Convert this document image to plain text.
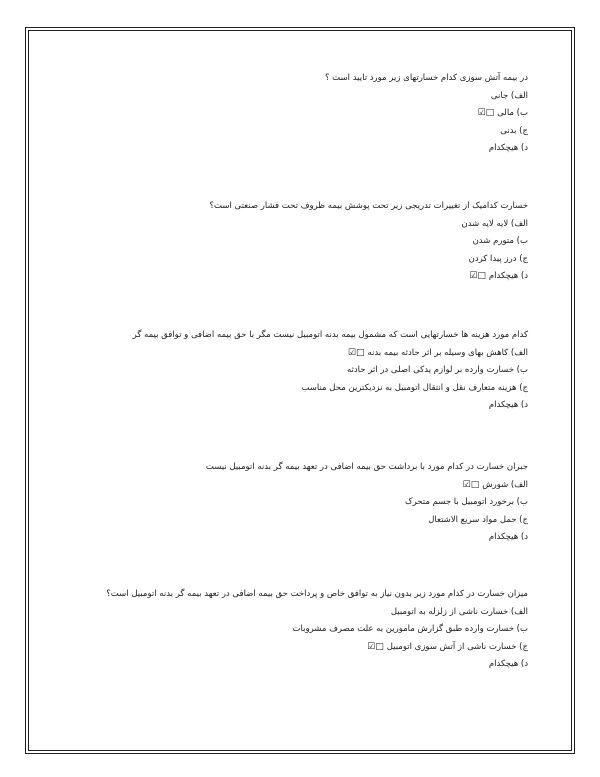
در بیمه آتش سوزی کدام خسارتهای زیر مورد تایید است ؟
الف) جانی
ب) مالی□☑
ج) بدنی
د) هیچکدام
خسارت کدامیک از تغییرات تدریجی زیر تحت پوشش بیمه ظروف تحت فشار صنعتی است؟
الف) لایه لایه شدن
ب) متورم شدن
ج) درز پیدا کردن
د) هیچکدام□☑
کدام مورد هزینه ها خسارتهایی است که مشمول بیمه بدنه اتومبیل نیست مگر با حق بیمه اضافی و توافق بیمه گر
الف) کاهش بهای وسیله بر اثر حادثه بیمه بدنه□☑
ب) خسارت وارده بر لوازم یدکی اصلی در اثر حادثه
ج) هزینه متعارف نقل و انتقال اتومبیل به نزدیکترین محل مناسب
د) هیچکدام
جبران خسارت در کدام مورد با برداشت حق بیمه اضافی در تعهد بیمه گر بدنه اتومبیل نیست
الف) شورش□☑
ب) برخورد اتومبیل با جسم متحرک
ج) حمل مواد سریع الاشتعال
د) هیچکدام
میزان خسارت در کدام مورد زیر بدون نیاز به توافق خاص و پرداخت حق بیمه اضافی در تعهد بیمه گر بدنه اتومبیل است؟
الف) خسارت ناشی از زلزله به اتومبیل
ب) خسارت وارده طبق گزارش مامورین به علت مصرف مشروبات
ج) خسارت ناشی از آتش سوزی اتومبیل□☑
د) هیچکدام
